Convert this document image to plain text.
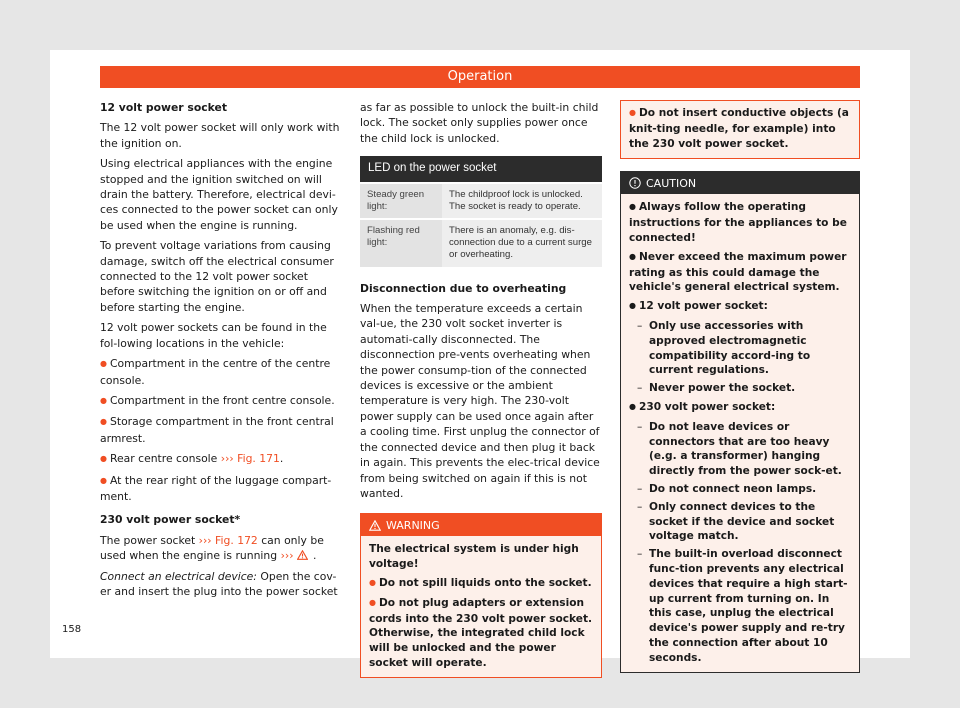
Operation
12 volt power socket

The 12 volt power socket will only work with the ignition on.

Using electrical appliances with the engine stopped and the ignition switched on will drain the battery. Therefore, electrical devi-ces connected to the power socket can only be used when the engine is running.

To prevent voltage variations from causing damage, switch off the electrical consumer connected to the 12 volt power socket before switching the ignition on or off and before starting the engine.

12 volt power sockets can be found in the fol-lowing locations in the vehicle:

● Compartment in the centre of the centre console.
● Compartment in the front centre console.
● Storage compartment in the front central armrest.
● Rear centre console ››› Fig. 171.
● At the rear right of the luggage compart-ment.
230 volt power socket*

The power socket ››› Fig. 172 can only be used when the engine is running ››› .

Connect an electrical device: Open the cov-er and insert the plug into the power socket

as far as possible to unlock the built-in child lock. The socket only supplies power once the child lock is unlocked.

LED on the power socket	
Steady green light:	The childproof lock is unlocked. The socket is ready to operate.
Flashing red light:	There is an anomaly, e.g. dis-connection due to a current surge or overheating.
Disconnection due to overheating

When the temperature exceeds a certain val-ue, the 230 volt socket inverter is automati-cally disconnected. The disconnection pre-vents overheating when the power consump-tion of the connected devices is excessive or the ambient temperature is very high. The 230-volt power supply can be used once again after a cooling time. First unplug the connector of the connected device and then plug it back in again. This prevents the elec-trical device from being switched on again if this is not wanted.

WARNING
The electrical system is under high voltage!
● Do not spill liquids onto the socket.
● Do not plug adapters or extension cords into the 230 volt power socket. Otherwise, the integrated child lock will be unlocked and the power socket will operate.
● Do not insert conductive objects (a knit-ting needle, for example) into the 230 volt power socket.
CAUTION
● Always follow the operating instructions for the appliances to be connected!
● Never exceed the maximum power rating as this could damage the vehicle's general electrical system.
● 12 volt power socket:
– Only use accessories with approved electromagnetic compatibility accord-ing to current regulations.
– Never power the socket.
● 230 volt power socket:
– Do not leave devices or connectors that are too heavy (e.g. a transformer) hanging directly from the power sock-et.
– Do not connect neon lamps.
– Only connect devices to the socket if the device and socket voltage match.
– The built-in overload disconnect func-tion prevents any electrical devices that require a high start-up current from turning on. In this case, unplug the electrical device's power supply and re-try the connection after about 10 seconds.
158
